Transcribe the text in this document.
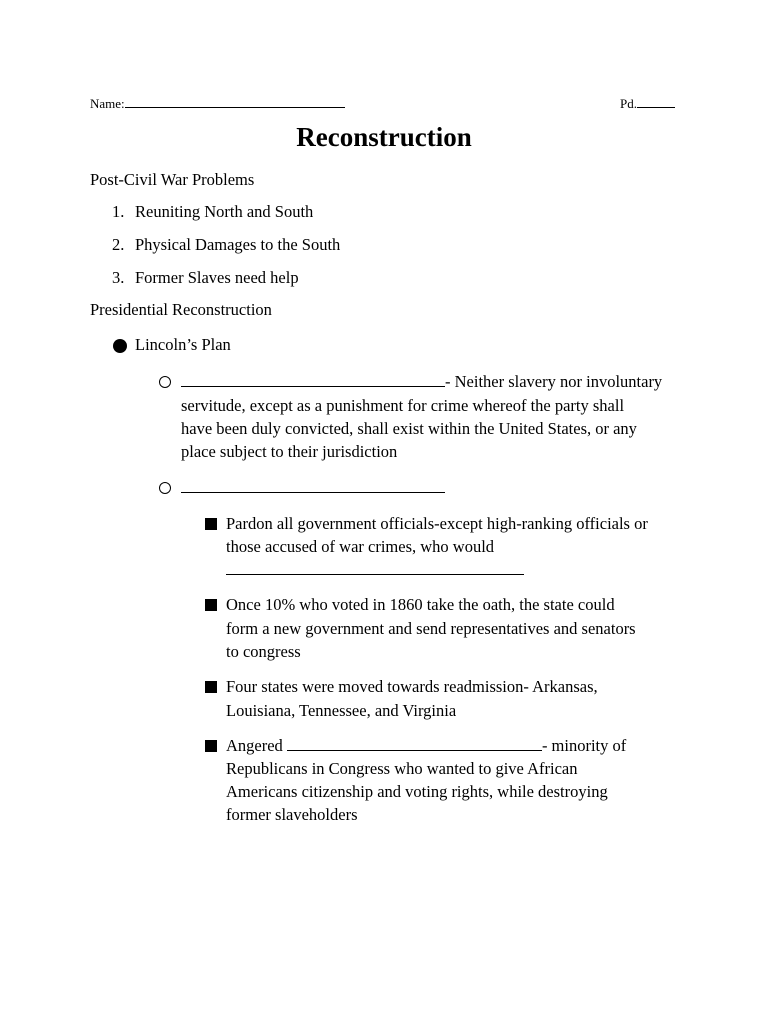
Name:	Pd.
Reconstruction
Post-Civil War Problems
1. Reuniting North and South
2. Physical Damages to the South
3. Former Slaves need help
Presidential Reconstruction
Lincoln’s Plan
- Neither slavery nor involuntary
servitude, except as a punishment for crime whereof the party shall
have been duly convicted, shall exist within the United States, or any
place subject to their jurisdiction
Pardon all government officials-except high-ranking officials or
those accused of war crimes, who would
Once 10% who voted in 1860 take the oath, the state could
form a new government and send representatives and senators
to congress
Four states were moved towards readmission- Arkansas,
Louisiana, Tennessee, and Virginia
Angered	- minority of
Republicans in Congress who wanted to give African
Americans citizenship and voting rights, while destroying
former slaveholders
